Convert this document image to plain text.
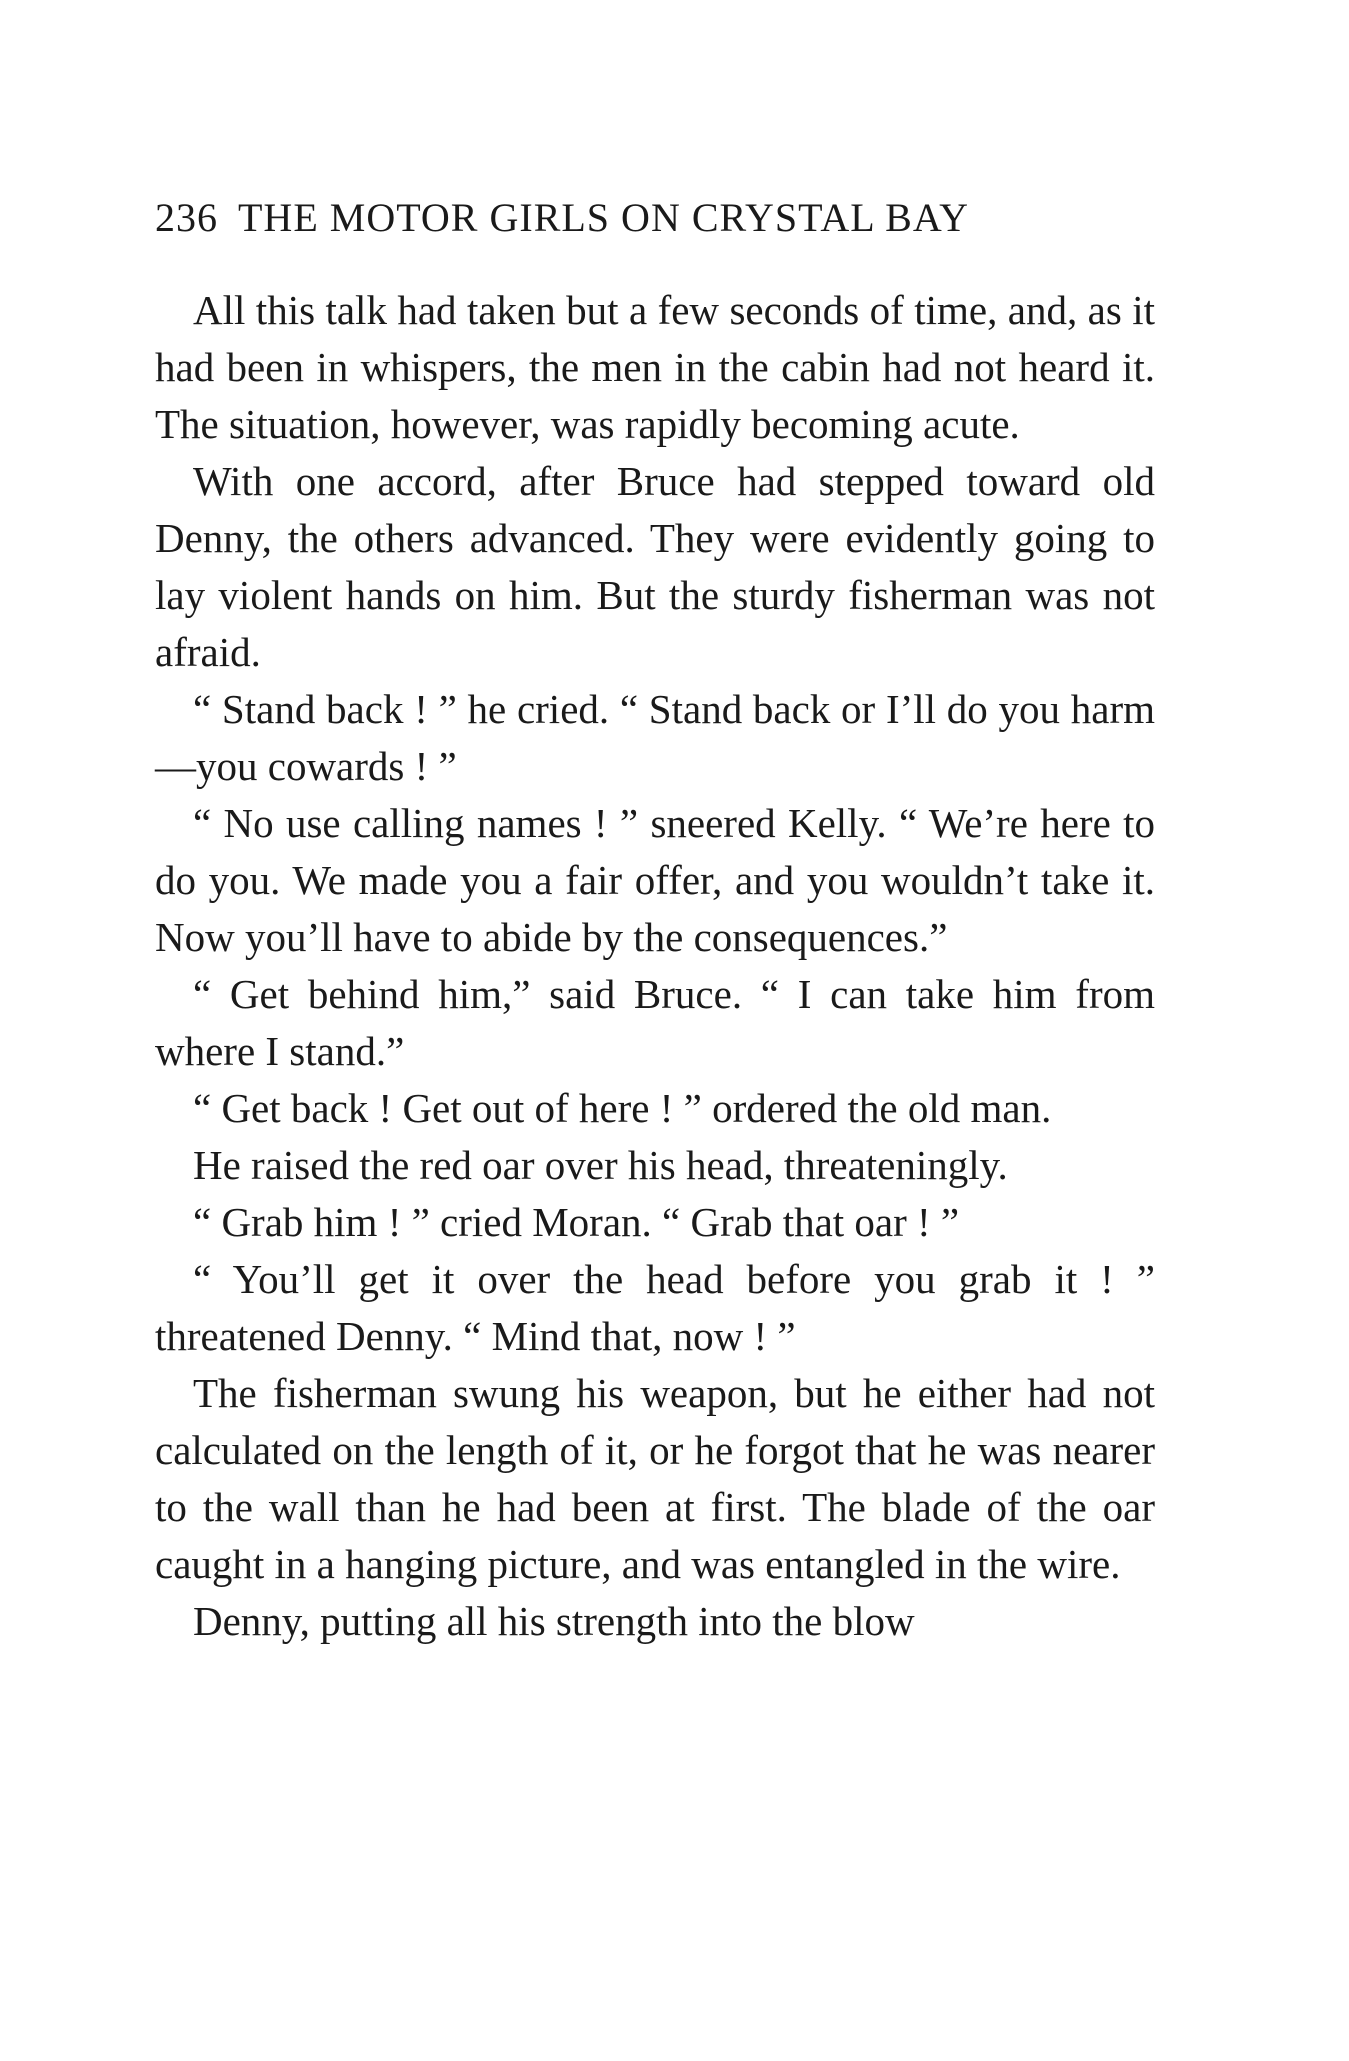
236 THE MOTOR GIRLS ON CRYSTAL BAY

All this talk had taken but a few seconds of time, and, as it had been in whispers, the men in the cabin had not heard it. The situation, however, was rapidly becoming acute.

With one accord, after Bruce had stepped toward old Denny, the others advanced. They were evidently going to lay violent hands on him. But the sturdy fisherman was not afraid.

“ Stand back ! ” he cried. “ Stand back or I’ll do you harm—you cowards ! ”

“ No use calling names ! ” sneered Kelly. “ We’re here to do you. We made you a fair offer, and you wouldn’t take it. Now you’ll have to abide by the consequences.”

“ Get behind him,” said Bruce. “ I can take him from where I stand.”

“ Get back ! Get out of here ! ” ordered the old man.

He raised the red oar over his head, threateningly.

“ Grab him ! ” cried Moran. “ Grab that oar ! ”

“ You’ll get it over the head before you grab it ! ” threatened Denny. “ Mind that, now ! ”

The fisherman swung his weapon, but he either had not calculated on the length of it, or he forgot that he was nearer to the wall than he had been at first. The blade of the oar caught in a hanging picture, and was entangled in the wire.

Denny, putting all his strength into the blow
